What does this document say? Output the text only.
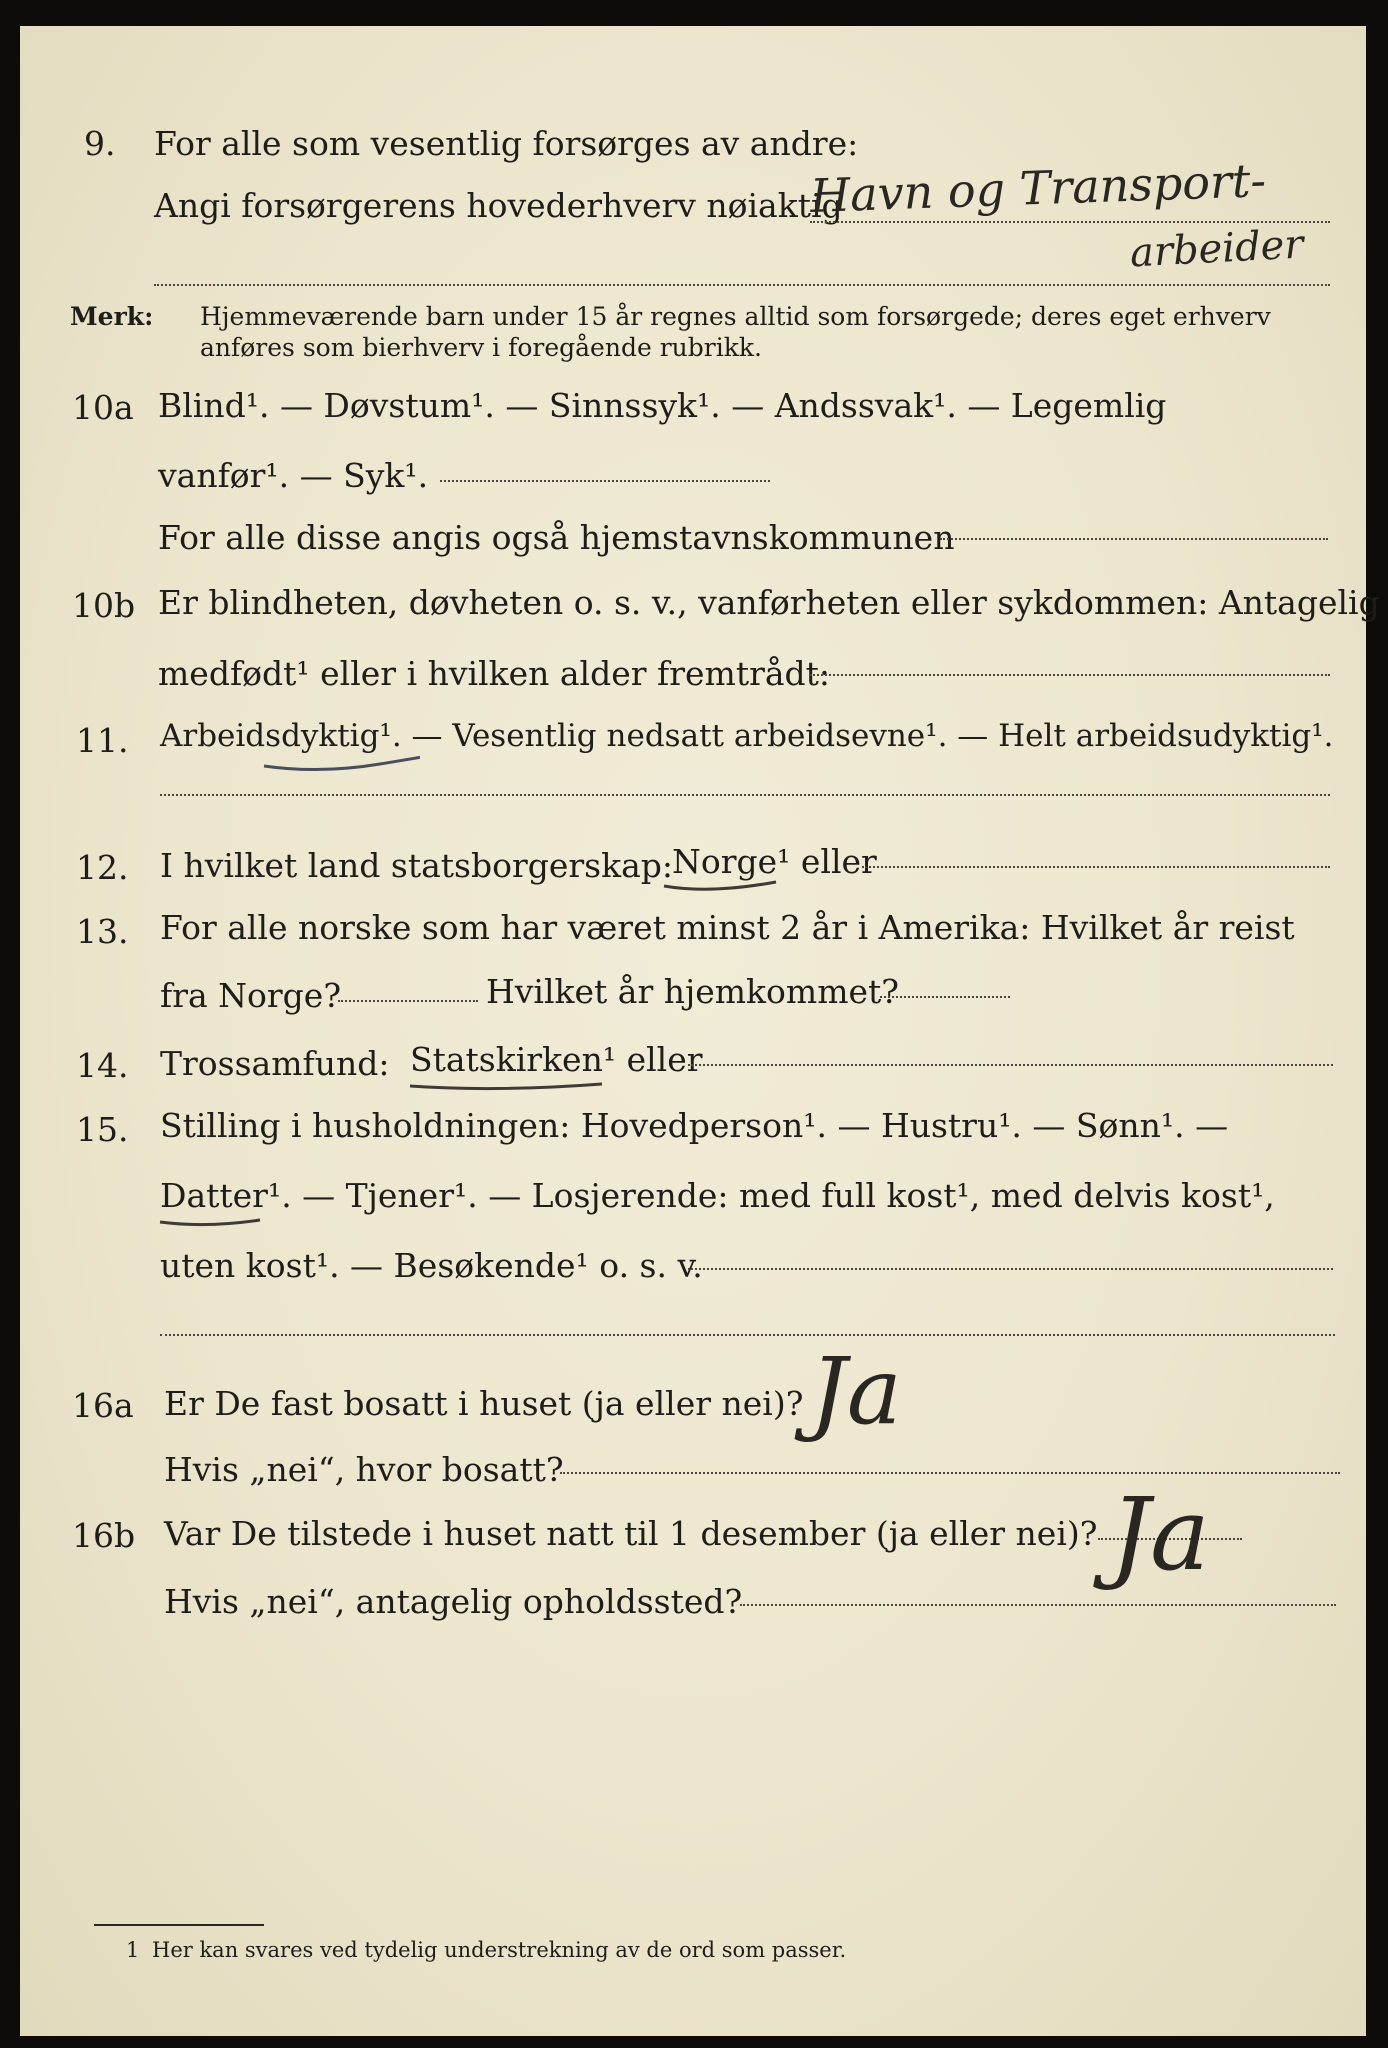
9. For alle som vesentlig forsørges av andre:
Angi forsørgerens hovederhverv nøiaktig
Havn og Transport-
arbeider
Merk: Hjemmeværende barn under 15 år regnes alltid som forsørgede; deres eget erhverv
anføres som bierhverv i foregående rubrikk.
10a Blind¹. — Døvstum¹. — Sinnssyk¹. — Andssvak¹. — Legemlig
vanfør¹. — Syk¹.
For alle disse angis også hjemstavnskommunen
10b Er blindheten, døvheten o. s. v., vanførheten eller sykdommen: Antagelig
medfødt¹ eller i hvilken alder fremtrådt:
11. Arbeidsdyktig¹. — Vesentlig nedsatt arbeidsevne¹. — Helt arbeidsudyktig¹.
12. I hvilket land statsborgerskap:
Norge¹ eller
13. For alle norske som har været minst 2 år i Amerika: Hvilket år reist
fra Norge?	Hvilket år hjemkommet?
14. Trossamfund: Statskirken¹ eller
15. Stilling i husholdningen: Hovedperson¹. — Hustru¹. — Sønn¹. —
Datter¹. — Tjener¹. — Losjerende: med full kost¹, med delvis kost¹,
uten kost¹. — Besøkende¹ o. s. v.
16a Er De fast bosatt i huset (ja eller nei)? Ja
Hvis „nei“, hvor bosatt?
16b Var De tilstede i huset natt til 1 desember (ja eller nei)? Ja
Hvis „nei“, antagelig opholdssted?
1 Her kan svares ved tydelig understrekning av de ord som passer.
